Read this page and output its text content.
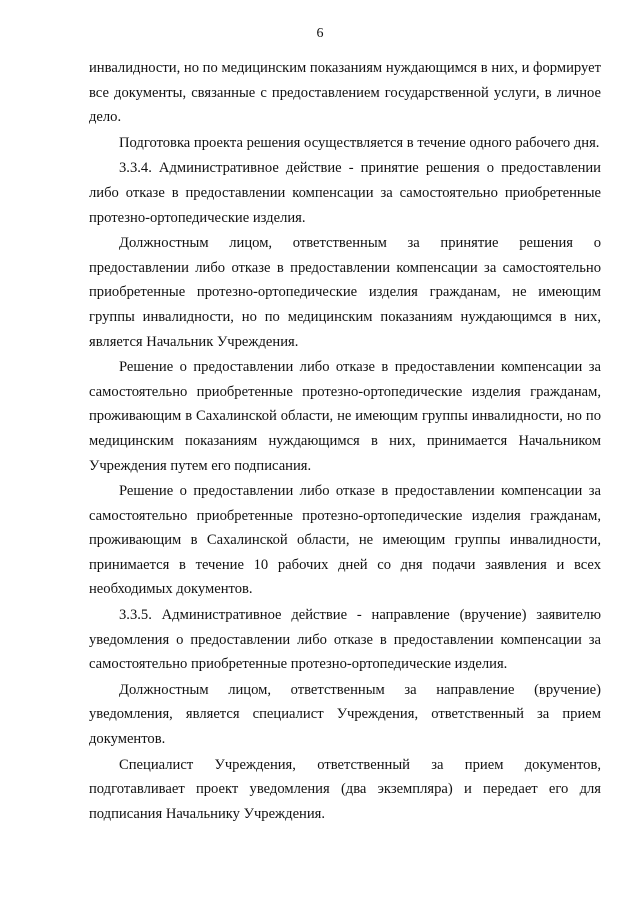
6

инвалидности, но по медицинским показаниям нуждающимся в них, и формирует все документы, связанные с предоставлением государственной услуги, в личное дело.

Подготовка проекта решения осуществляется в течение одного рабочего дня.

3.3.4. Административное действие - принятие решения о предоставлении либо отказе в предоставлении компенсации за самостоятельно приобретенные протезно-ортопедические изделия.

Должностным лицом, ответственным за принятие решения о предоставлении либо отказе в предоставлении компенсации за самостоятельно приобретенные протезно-ортопедические изделия гражданам, не имеющим группы инвалидности, но по медицинским показаниям нуждающимся в них, является Начальник Учреждения.

Решение о предоставлении либо отказе в предоставлении компенсации за самостоятельно приобретенные протезно-ортопедические изделия гражданам, проживающим в Сахалинской области, не имеющим группы инвалидности, но по медицинским показаниям нуждающимся в них, принимается Начальником Учреждения путем его подписания.

Решение о предоставлении либо отказе в предоставлении компенсации за самостоятельно приобретенные протезно-ортопедические изделия гражданам, проживающим в Сахалинской области, не имеющим группы инвалидности, принимается в течение 10 рабочих дней со дня подачи заявления и всех необходимых документов.

3.3.5. Административное действие - направление (вручение) заявителю уведомления о предоставлении либо отказе в предоставлении компенсации за самостоятельно приобретенные протезно-ортопедические изделия.

Должностным лицом, ответственным за направление (вручение) уведомления, является специалист Учреждения, ответственный за прием документов.

Специалист Учреждения, ответственный за прием документов, подготавливает проект уведомления (два экземпляра) и передает его для подписания Начальнику Учреждения.
